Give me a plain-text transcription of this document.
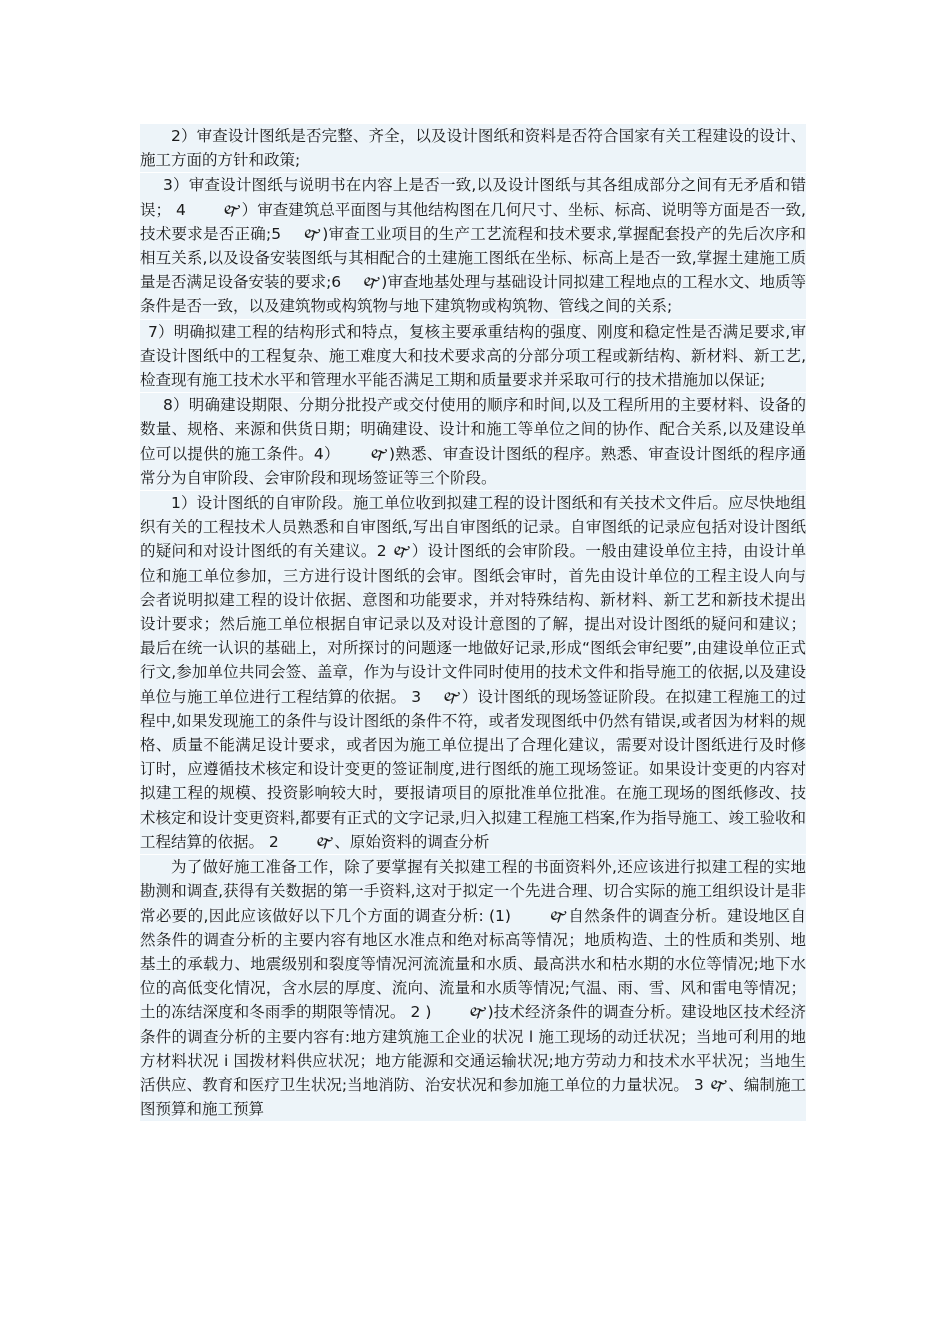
2）审查设计图纸是否完整、齐全，以及设计图纸和资料是否符合国家有关工程建设的设计、施工方面的方针和政策;

3）审查设计图纸与说明书在内容上是否一致,以及设计图纸与其各组成部分之间有无矛盾和错误； 4　　 🙰）审查建筑总平面图与其他结构图在几何尺寸、坐标、标高、说明等方面是否一致,技术要求是否正确;5　 🙰)审查工业项目的生产工艺流程和技术要求,掌握配套投产的先后次序和相互关系,以及设备安装图纸与其相配合的土建施工图纸在坐标、标高上是否一致,掌握土建施工质量是否满足设备安装的要求;6　 🙰)审查地基处理与基础设计同拟建工程地点的工程水文、地质等条件是否一致，以及建筑物或构筑物与地下建筑物或构筑物、管线之间的关系;

7）明确拟建工程的结构形式和特点，复核主要承重结构的强度、刚度和稳定性是否满足要求,审查设计图纸中的工程复杂、施工难度大和技术要求高的分部分项工程或新结构、新材料、新工艺,检查现有施工技术水平和管理水平能否满足工期和质量要求并采取可行的技术措施加以保证;

8）明确建设期限、分期分批投产或交付使用的顺序和时间,以及工程所用的主要材料、设备的数量、规格、来源和供货日期；明确建设、设计和施工等单位之间的协作、配合关系,以及建设单位可以提供的施工条件。4）　　 🙰)熟悉、审查设计图纸的程序。熟悉、审查设计图纸的程序通常分为自审阶段、会审阶段和现场签证等三个阶段。

1）设计图纸的自审阶段。施工单位收到拟建工程的设计图纸和有关技术文件后。应尽快地组织有关的工程技术人员熟悉和自审图纸,写出自审图纸的记录。自审图纸的记录应包括对设计图纸的疑问和对设计图纸的有关建议。2 🙰）设计图纸的会审阶段。一般由建设单位主持，由设计单位和施工单位参加，三方进行设计图纸的会审。图纸会审时，首先由设计单位的工程主设人向与会者说明拟建工程的设计依据、意图和功能要求，并对特殊结构、新材料、新工艺和新技术提出设计要求；然后施工单位根据自审记录以及对设计意图的了解，提出对设计图纸的疑问和建议；最后在统一认识的基础上，对所探讨的问题逐一地做好记录,形成“图纸会审纪要”,由建设单位正式行文,参加单位共同会签、盖章，作为与设计文件同时使用的技术文件和指导施工的依据,以及建设单位与施工单位进行工程结算的依据。 3　 🙰）设计图纸的现场签证阶段。在拟建工程施工的过程中,如果发现施工的条件与设计图纸的条件不符，或者发现图纸中仍然有错误,或者因为材料的规格、质量不能满足设计要求，或者因为施工单位提出了合理化建议，需要对设计图纸进行及时修订时，应遵循技术核定和设计变更的签证制度,进行图纸的施工现场签证。如果设计变更的内容对拟建工程的规模、投资影响较大时，要报请项目的原批准单位批准。在施工现场的图纸修改、技术核定和设计变更资料,都要有正式的文字记录,归入拟建工程施工档案,作为指导施工、竣工验收和工程结算的依据。 2　　 🙰、原始资料的调查分析

为了做好施工准备工作，除了要掌握有关拟建工程的书面资料外,还应该进行拟建工程的实地勘测和调查,获得有关数据的第一手资料,这对于拟定一个先进合理、切合实际的施工组织设计是非常必要的,因此应该做好以下几个方面的调查分析: (1)　　 🙰自然条件的调查分析。建设地区自然条件的调查分析的主要内容有地区水准点和绝对标高等情况；地质构造、土的性质和类别、地基土的承载力、地震级别和裂度等情况河流流量和水质、最高洪水和枯水期的水位等情况;地下水位的高低变化情况，含水层的厚度、流向、流量和水质等情况;气温、雨、雪、风和雷电等情况；土的冻结深度和冬雨季的期限等情况。 2 )　　 🙰)技术经济条件的调查分析。建设地区技术经济条件的调查分析的主要内容有:地方建筑施工企业的状况 l 施工现场的动迁状况；当地可利用的地方材料状况 i 国拨材料供应状况；地方能源和交通运输状况;地方劳动力和技术水平状况；当地生活供应、教育和医疗卫生状况;当地消防、治安状况和参加施工单位的力量状况。 3 🙰、编制施工图预算和施工预算
